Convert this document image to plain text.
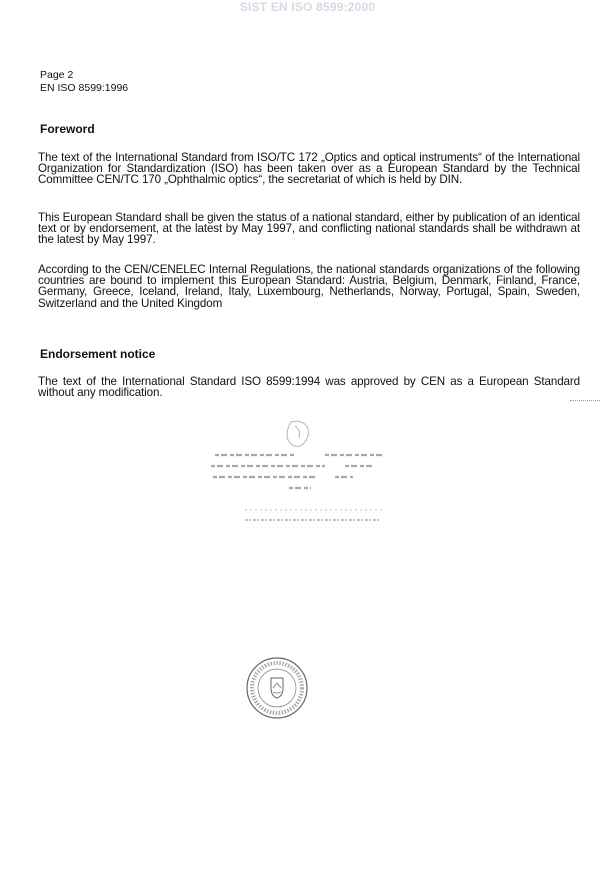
SIST EN ISO 8599:2000
Page 2
EN ISO 8599:1996
Foreword

The text of the International Standard from ISO/TC 172 „Optics and optical instruments“ of the International Organization for Standardization (ISO) has been taken over as a European Standard by the Technical Committee CEN/TC 170 „Ophthalmic optics“, the secretariat of which is held by DIN.

This European Standard shall be given the status of a national standard, either by publication of an identical text or by endorsement, at the latest by May 1997, and conflicting national standards shall be withdrawn at the latest by May 1997.

According to the CEN/CENELEC Internal Regulations, the national standards organizations of the following countries are bound to implement this European Standard: Austria, Belgium, Denmark, Finland, France, Germany, Greece, Iceland, Ireland, Italy, Luxembourg, Netherlands, Norway, Portugal, Spain, Sweden, Switzerland and the United Kingdom

Endorsement notice

The text of the International Standard ISO 8599:1994 was approved by CEN as a European Standard without any modification.
